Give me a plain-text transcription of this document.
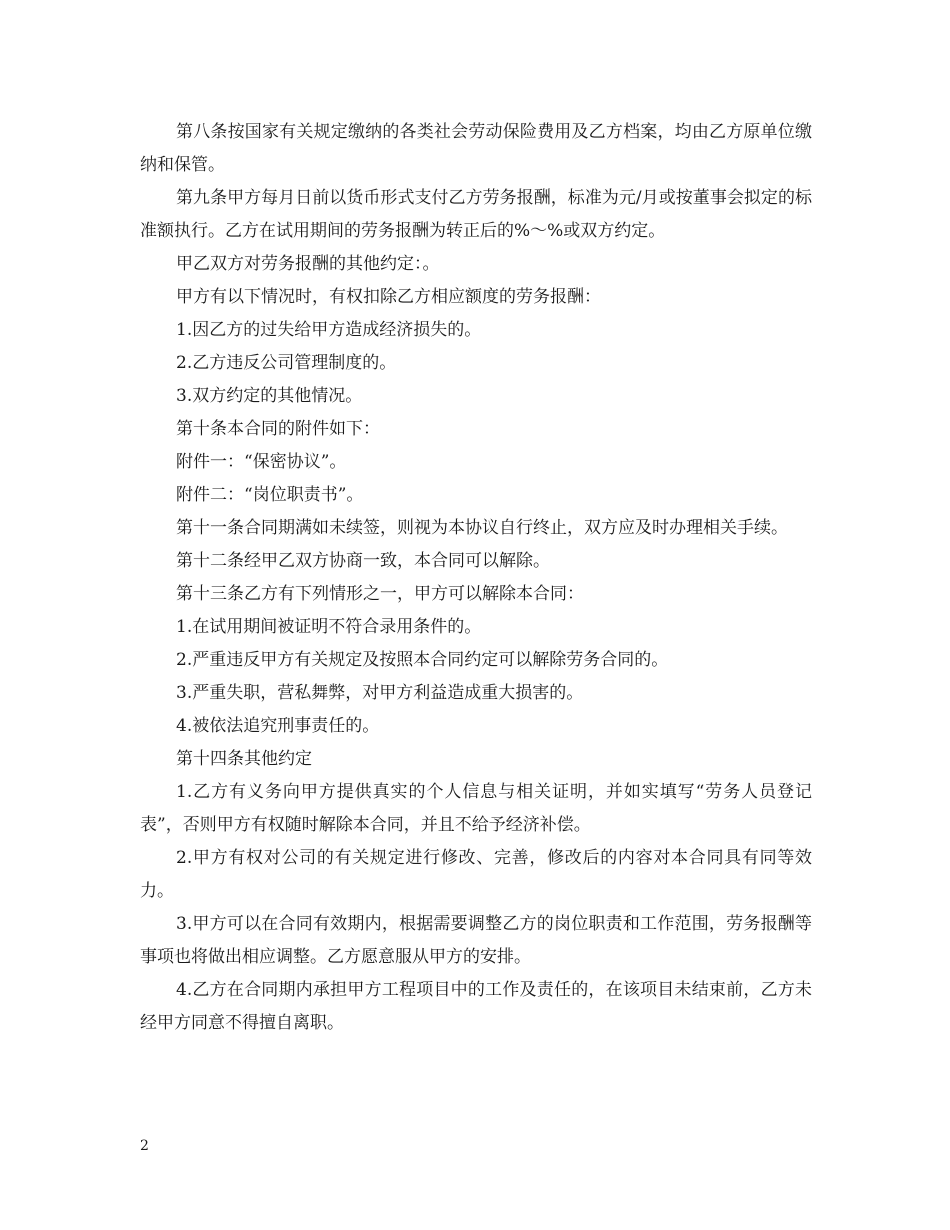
第八条按国家有关规定缴纳的各类社会劳动保险费用及乙方档案，均由乙方原单位缴纳和保管。

第九条甲方每月日前以货币形式支付乙方劳务报酬，标准为元/月或按董事会拟定的标准额执行。乙方在试用期间的劳务报酬为转正后的%～%或双方约定。

甲乙双方对劳务报酬的其他约定：。

甲方有以下情况时，有权扣除乙方相应额度的劳务报酬：

1.因乙方的过失给甲方造成经济损失的。

2.乙方违反公司管理制度的。

3.双方约定的其他情况。

第十条本合同的附件如下：

附件一：“保密协议”。

附件二：“岗位职责书”。

第十一条合同期满如未续签，则视为本协议自行终止，双方应及时办理相关手续。

第十二条经甲乙双方协商一致，本合同可以解除。

第十三条乙方有下列情形之一，甲方可以解除本合同：

1.在试用期间被证明不符合录用条件的。

2.严重违反甲方有关规定及按照本合同约定可以解除劳务合同的。

3.严重失职，营私舞弊，对甲方利益造成重大损害的。

4.被依法追究刑事责任的。

第十四条其他约定

1.乙方有义务向甲方提供真实的个人信息与相关证明，并如实填写“劳务人员登记表”，否则甲方有权随时解除本合同，并且不给予经济补偿。

2.甲方有权对公司的有关规定进行修改、完善，修改后的内容对本合同具有同等效力。

3.甲方可以在合同有效期内，根据需要调整乙方的岗位职责和工作范围，劳务报酬等事项也将做出相应调整。乙方愿意服从甲方的安排。

4.乙方在合同期内承担甲方工程项目中的工作及责任的，在该项目未结束前，乙方未经甲方同意不得擅自离职。

2
